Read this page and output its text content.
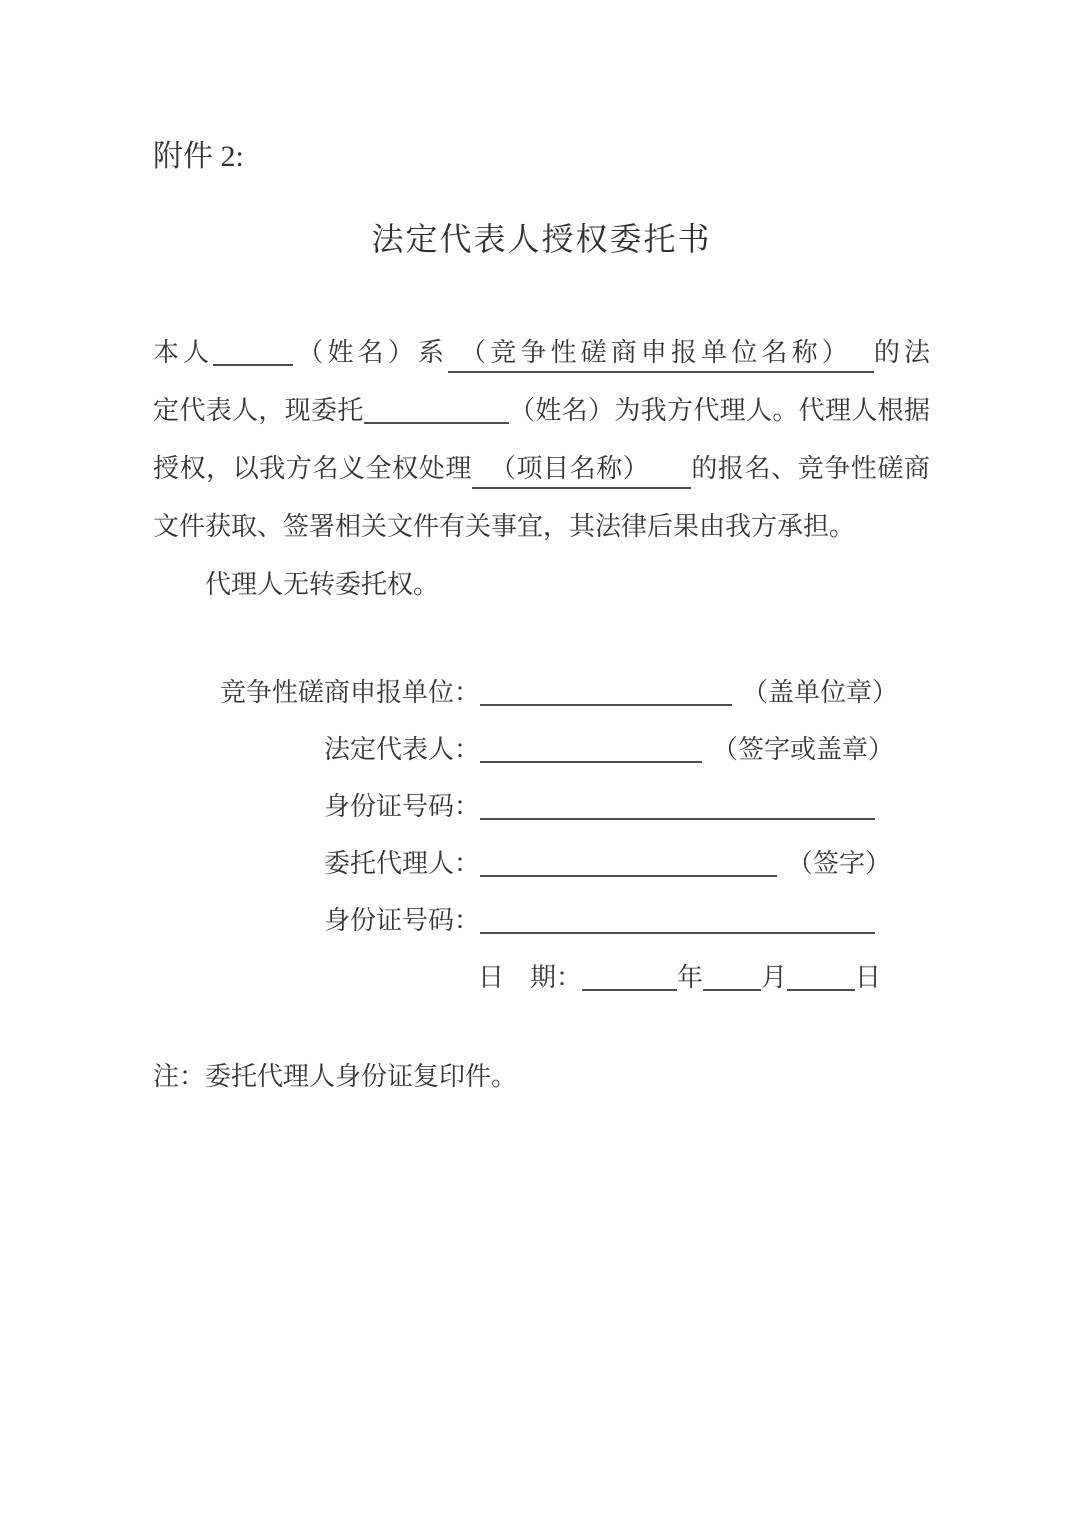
附件 2:
法定代表人授权委托书
本人	（姓名）系 （竞争性磋商申报单位名称） 的法
定代表人，现委托	（姓名）为我方代理人。代理人根据
授权，以我方名义全权处理 （项目名称） 的报名、竞争性磋商
文件获取、签署相关文件有关事宜，其法律后果由我方承担。
代理人无转委托权。
竞争性磋商申报单位：	（盖单位章）
法定代表人：	（签字或盖章）
身份证号码：
委托代理人：	（签字）
身份证号码：
日　期：	年 月	日
注：委托代理人身份证复印件。
